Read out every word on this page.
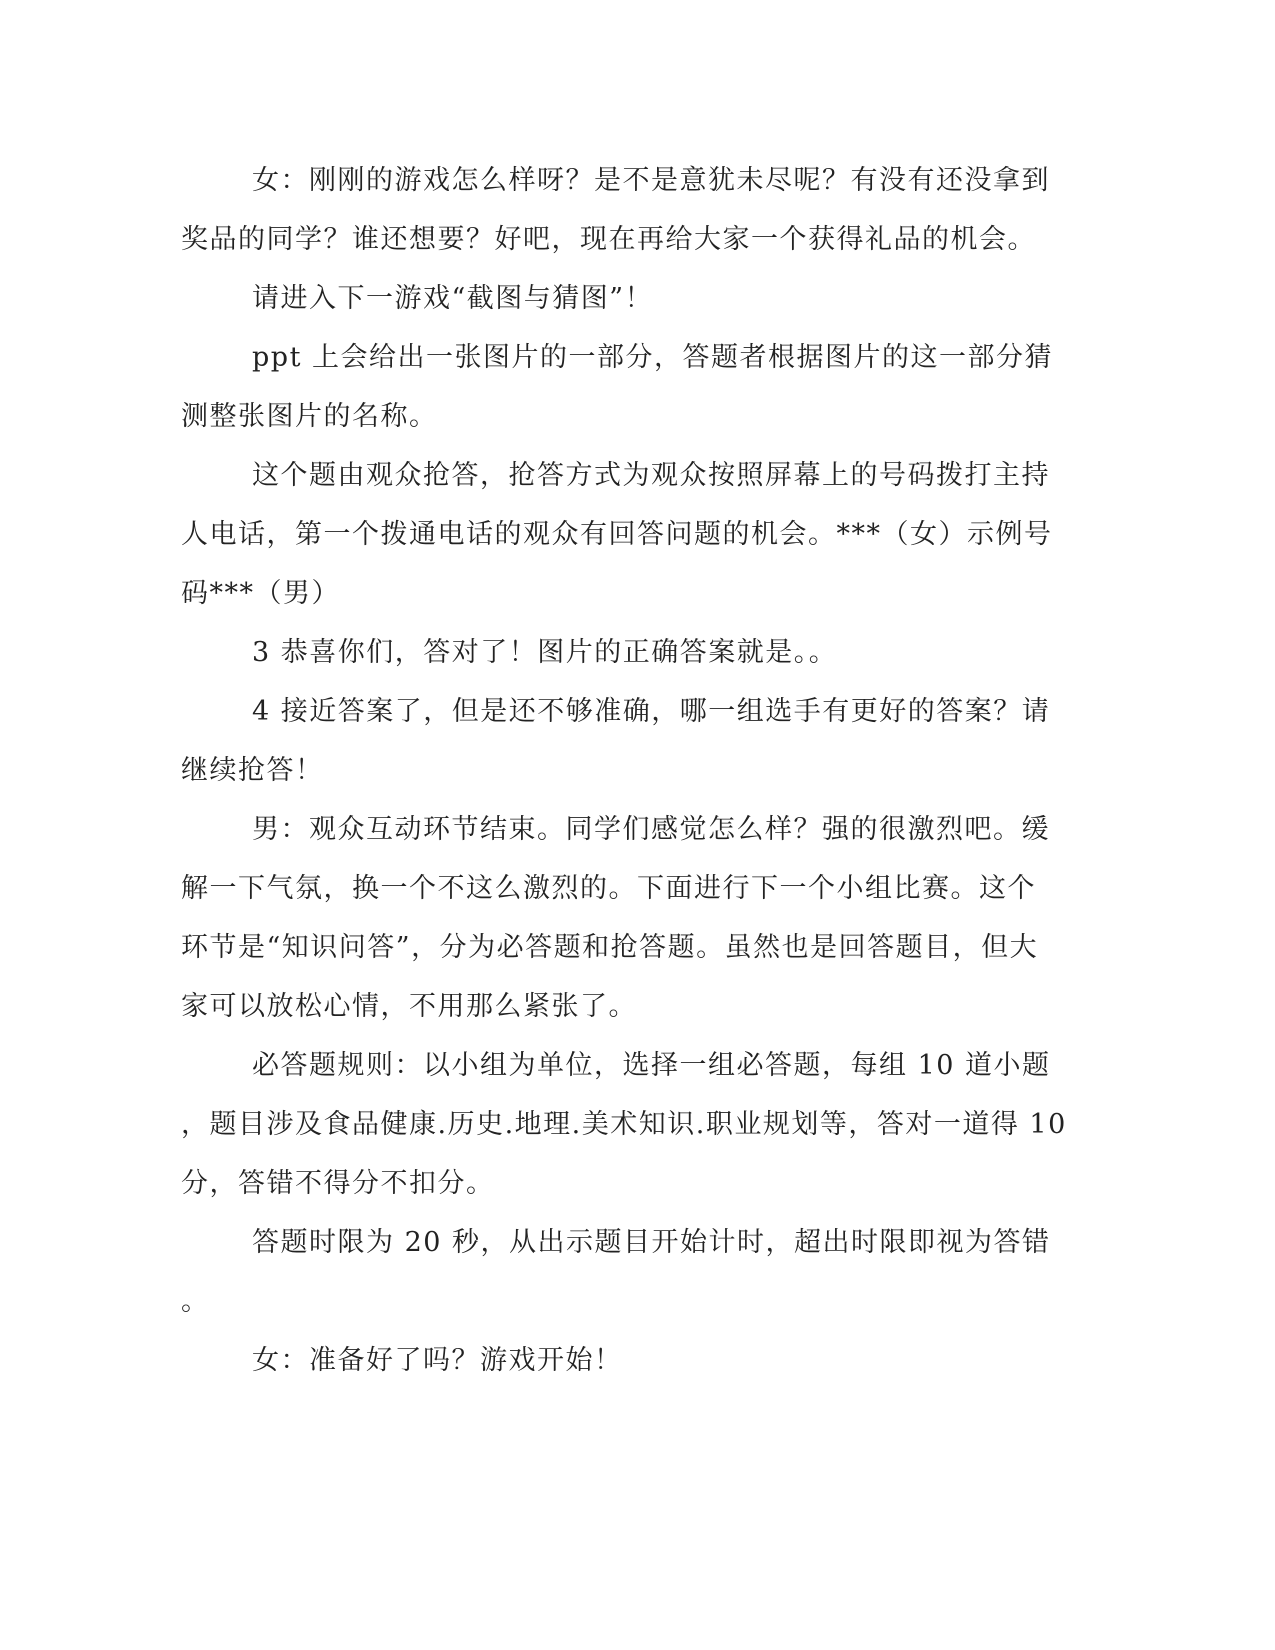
女：刚刚的游戏怎么样呀？是不是意犹未尽呢？有没有还没拿到
奖品的同学？谁还想要？好吧，现在再给大家一个获得礼品的机会。
请进入下一游戏“截图与猜图”！
ppt 上会给出一张图片的一部分，答题者根据图片的这一部分猜
测整张图片的名称。
这个题由观众抢答，抢答方式为观众按照屏幕上的号码拨打主持
人电话，第一个拨通电话的观众有回答问题的机会。***（女）示例号
码***（男）
3 恭喜你们，答对了！图片的正确答案就是。。
4 接近答案了，但是还不够准确，哪一组选手有更好的答案？请
继续抢答！
男：观众互动环节结束。同学们感觉怎么样？强的很激烈吧。缓
解一下气氛，换一个不这么激烈的。下面进行下一个小组比赛。这个
环节是“知识问答”，分为必答题和抢答题。虽然也是回答题目，但大
家可以放松心情，不用那么紧张了。
必答题规则：以小组为单位，选择一组必答题，每组 10 道小题
，题目涉及食品健康.历史.地理.美术知识.职业规划等，答对一道得 10
分，答错不得分不扣分。
答题时限为 20 秒，从出示题目开始计时，超出时限即视为答错
。
女：准备好了吗？游戏开始！
